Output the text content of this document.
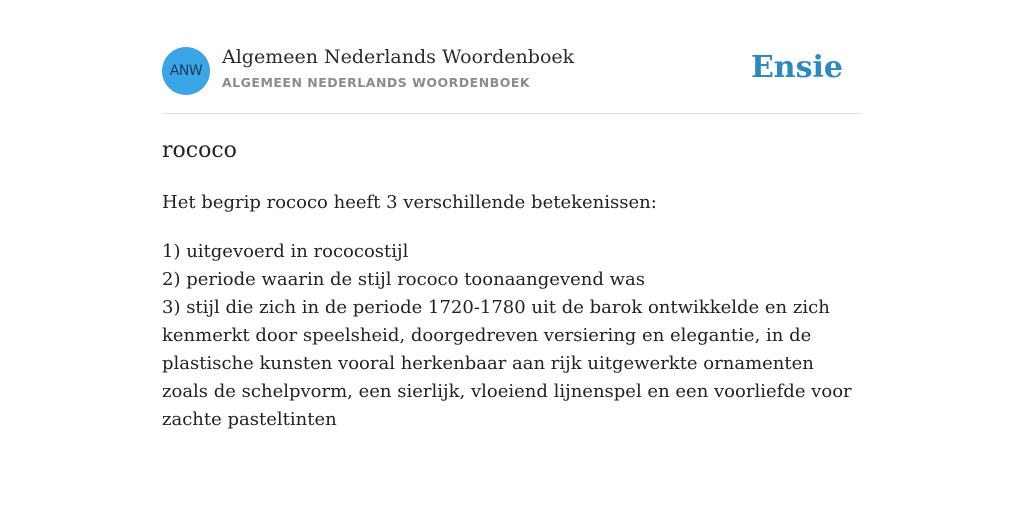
ANW
Algemeen Nederlands Woordenboek
ALGEMEEN NEDERLANDS WOORDENBOEK	Ensie
rococo
Het begrip rococo heeft 3 verschillende betekenissen:
1) uitgevoerd in rococostijl
2) periode waarin de stijl rococo toonaangevend was
3) stijl die zich in de periode 1720-1780 uit de barok ontwikkelde en zich kenmerkt door speelsheid, doorgedreven versiering en elegantie, in de plastische kunsten vooral herkenbaar aan rijk uitgewerkte ornamenten zoals de schelpvorm, een sierlijk, vloeiend lijnenspel en een voorliefde voor zachte pasteltinten
